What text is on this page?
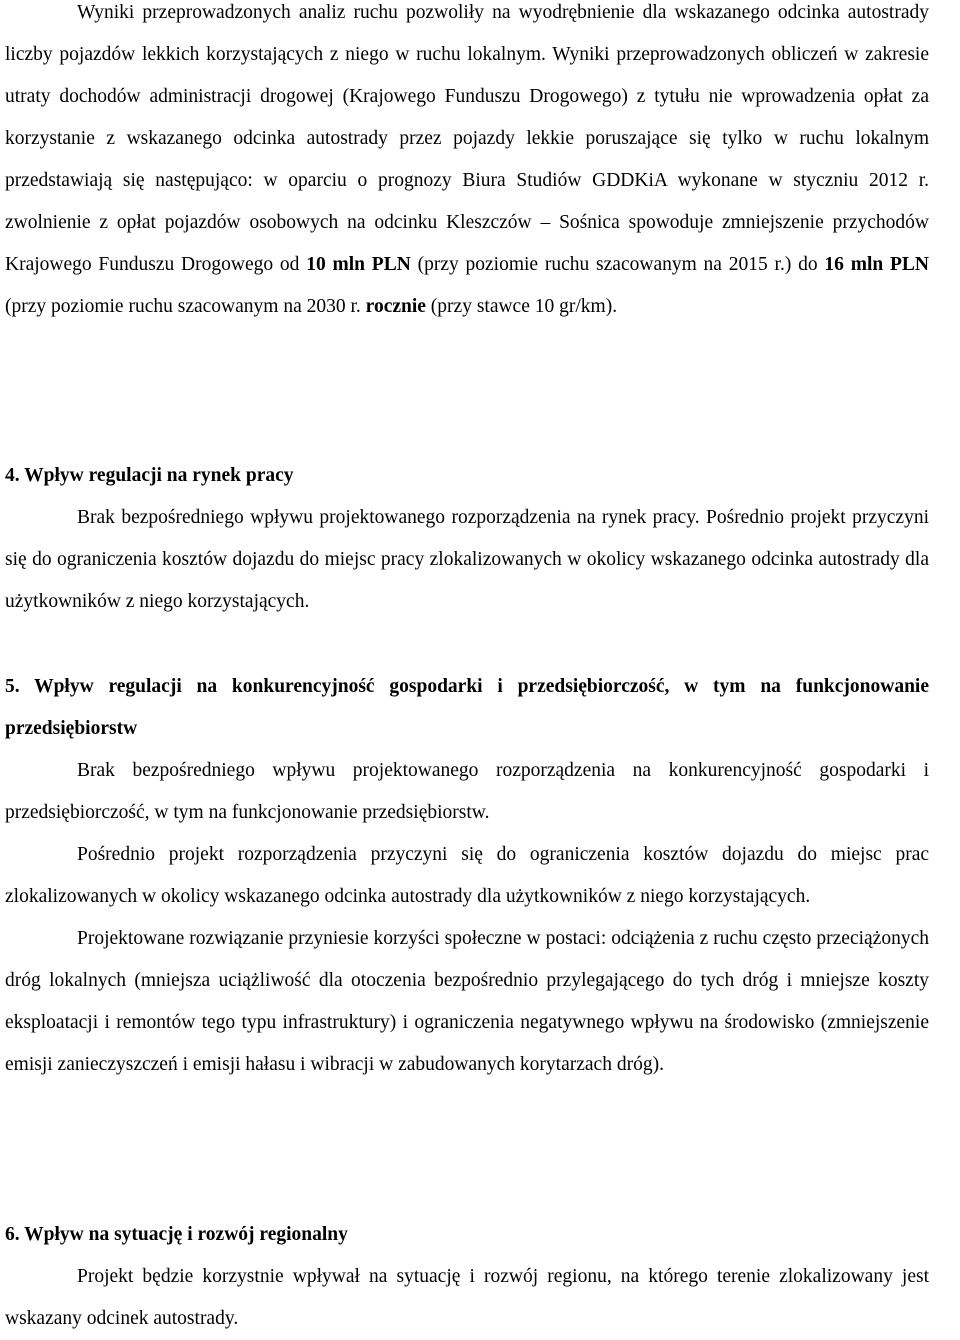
Wyniki przeprowadzonych analiz ruchu pozwoliły na wyodrębnienie dla wskazanego odcinka autostrady liczby pojazdów lekkich korzystających z niego w ruchu lokalnym. Wyniki przeprowadzonych obliczeń w zakresie utraty dochodów administracji drogowej (Krajowego Funduszu Drogowego) z tytułu nie wprowadzenia opłat za korzystanie z wskazanego odcinka autostrady przez pojazdy lekkie poruszające się tylko w ruchu lokalnym przedstawiają się następująco: w oparciu o prognozy Biura Studiów GDDKiA wykonane w styczniu 2012 r. zwolnienie z opłat pojazdów osobowych na odcinku Kleszczów – Sośnica spowoduje zmniejszenie przychodów Krajowego Funduszu Drogowego od 10 mln PLN (przy poziomie ruchu szacowanym na 2015 r.) do 16 mln PLN (przy poziomie ruchu szacowanym na 2030 r. rocznie (przy stawce 10 gr/km).

4. Wpływ regulacji na rynek pracy

Brak bezpośredniego wpływu projektowanego rozporządzenia na rynek pracy. Pośrednio projekt przyczyni się do ograniczenia kosztów dojazdu do miejsc pracy zlokalizowanych w okolicy wskazanego odcinka autostrady dla użytkowników z niego korzystających.

5. Wpływ regulacji na konkurencyjność gospodarki i przedsiębiorczość, w tym na funkcjonowanie przedsiębiorstw

Brak bezpośredniego wpływu projektowanego rozporządzenia na konkurencyjność gospodarki i przedsiębiorczość, w tym na funkcjonowanie przedsiębiorstw.

Pośrednio projekt rozporządzenia przyczyni się do ograniczenia kosztów dojazdu do miejsc prac zlokalizowanych w okolicy wskazanego odcinka autostrady dla użytkowników z niego korzystających.

Projektowane rozwiązanie przyniesie korzyści społeczne w postaci: odciążenia z ruchu często przeciążonych dróg lokalnych (mniejsza uciążliwość dla otoczenia bezpośrednio przylegającego do tych dróg i mniejsze koszty eksploatacji i remontów tego typu infrastruktury) i ograniczenia negatywnego wpływu na środowisko (zmniejszenie emisji zanieczyszczeń i emisji hałasu i wibracji w zabudowanych korytarzach dróg).

6. Wpływ na sytuację i rozwój regionalny

Projekt będzie korzystnie wpływał na sytuację i rozwój regionu, na którego terenie zlokalizowany jest wskazany odcinek autostrady.
